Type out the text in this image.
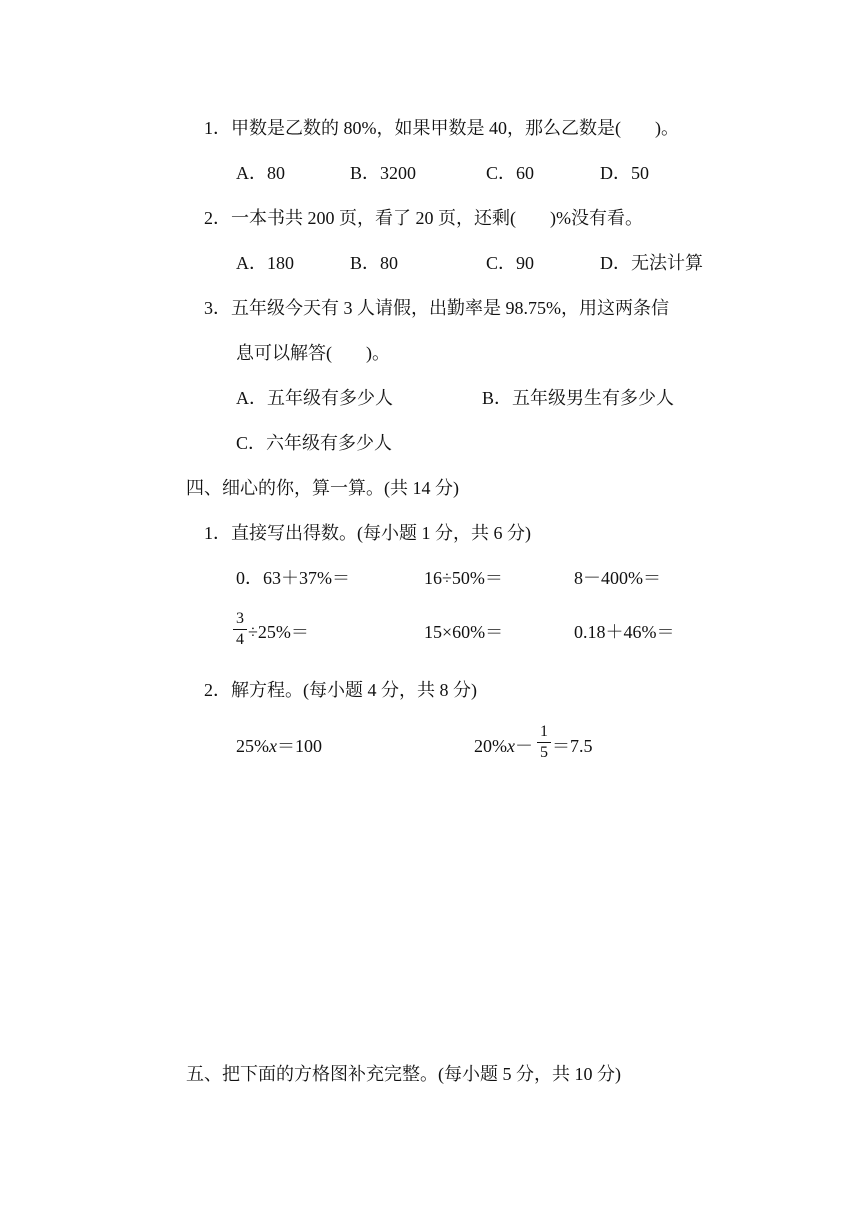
1．甲数是乙数的 80%，如果甲数是 40，那么乙数是( )。
A．80	B．3200	C．60	D．50
2．一本书共 200 页，看了 20 页，还剩( )%没有看。
A．180	B．80	C．90	D．无法计算
3．五年级今天有 3 人请假，出勤率是 98.75%，用这两条信
息可以解答( )。
A．五年级有多少人	B．五年级男生有多少人
C．六年级有多少人
四、细心的你，算一算。(共 14 分)
1．直接写出得数。(每小题 1 分，共 6 分)
0．63＋37%＝	16÷50%＝	8－400%＝
3
4 ÷25%＝	15×60%＝	0.18＋46%＝
2．解方程。(每小题 4 分，共 8 分)
25%x＝100	20%x－
1
5 ＝7.5
五、把下面的方格图补充完整。(每小题 5 分，共 10 分)
